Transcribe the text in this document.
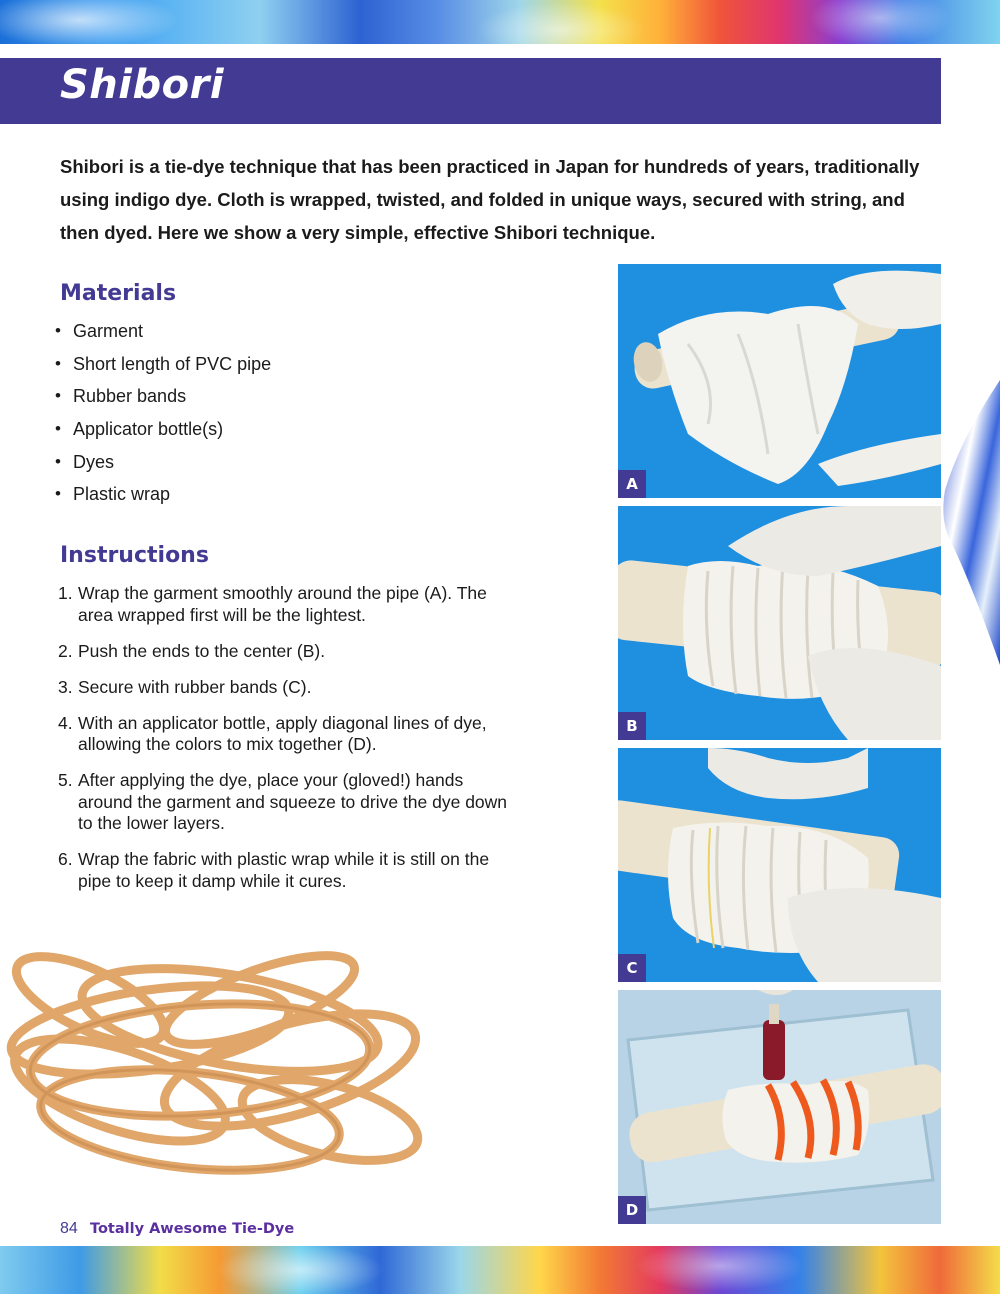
Shibori

Shibori is a tie-dye technique that has been practiced in Japan for hundreds of years, traditionally using indigo dye. Cloth is wrapped, twisted, and folded in unique ways, secured with string, and then dyed. Here we show a very simple, effective Shibori technique.

Materials
• Garment
• Short length of PVC pipe
• Rubber bands
• Applicator bottle(s)
• Dyes
• Plastic wrap
Instructions
1. Wrap the garment smoothly around the pipe (A). The area wrapped first will be the lightest.
2. Push the ends to the center (B).
3. Secure with rubber bands (C).
4. With an applicator bottle, apply diagonal lines of dye, allowing the colors to mix together (D).
5. After applying the dye, place your (gloved!) hands around the garment and squeeze to drive the dye down to the lower layers.
6. Wrap the fabric with plastic wrap while it is still on the pipe to keep it damp while it cures.
A
B
C
D
84 Totally Awesome Tie-Dye
